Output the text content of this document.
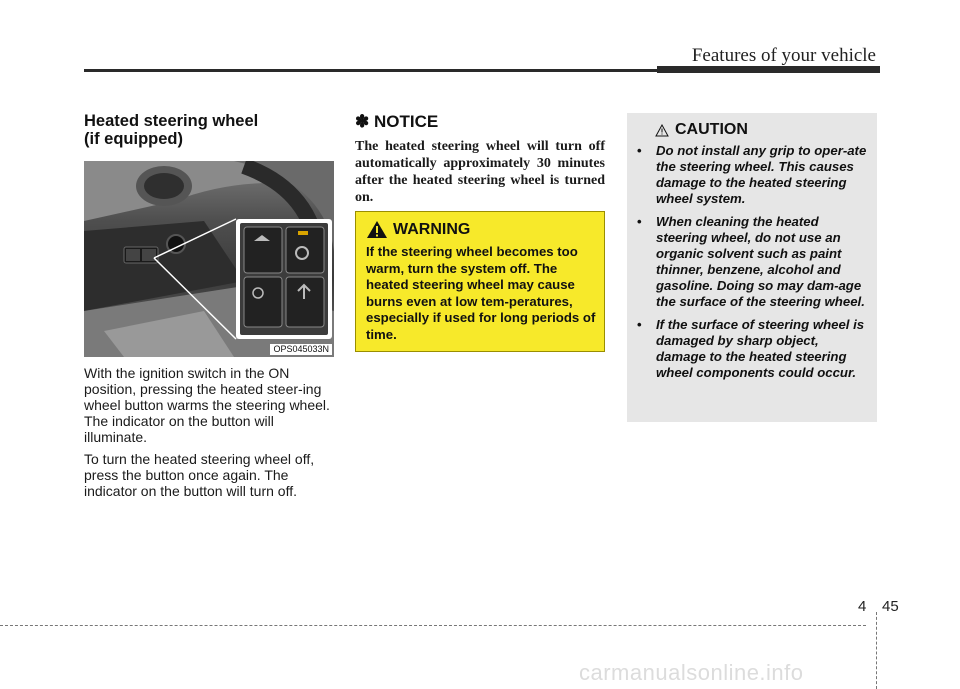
Features of your vehicle
Heated steering wheel
(if equipped)
OPS045033N

With the ignition switch in the ON position, pressing the heated steer-ing wheel button warms the steering wheel. The indicator on the button will illuminate.

To turn the heated steering wheel off, press the button once again. The indicator on the button will turn off.

✽ NOTICE

The heated steering wheel will turn off automatically approximately 30 minutes after the heated steering wheel is turned on.

WARNING

If the steering wheel becomes too warm, turn the system off. The heated steering wheel may cause burns even at low tem-peratures, especially if used for long periods of time.

CAUTION
• Do not install any grip to oper-ate the steering wheel. This causes damage to the heated steering wheel system.
• When cleaning the heated steering wheel, do not use an organic solvent such as paint thinner, benzene, alcohol and gasoline. Doing so may dam-age the surface of the steering wheel.
• If the surface of steering wheel is damaged by sharp object, damage to the heated steering wheel components could occur.
4 45
carmanualsonline.info
